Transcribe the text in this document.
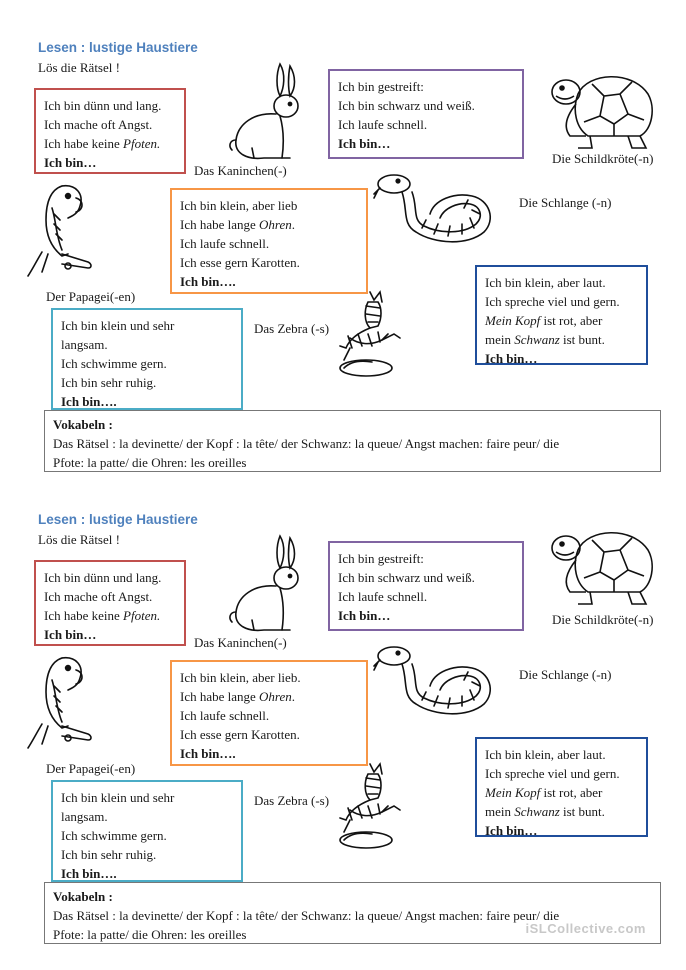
Lesen : lustige Haustiere
Lös die Rätsel !
Ich bin dünn und lang.
Ich mache oft Angst.
Ich habe keine Pfoten.
Ich bin…
Das Kaninchen(-)
Ich bin gestreift:
Ich bin schwarz und weiß.
Ich laufe schnell.
Ich bin…
Die Schildkröte(-n)
Der Papagei(-en)
Ich bin klein, aber lieb
Ich habe lange Ohren.
Ich laufe schnell.
Ich esse gern Karotten.
Ich bin….
Die Schlange (-n)
Ich bin klein, aber laut.
Ich spreche viel und gern.
Mein Kopf ist rot, aber
mein Schwanz ist bunt.
Ich bin…
Ich bin klein und sehr
langsam.
Ich schwimme gern.
Ich bin sehr ruhig.
Ich bin….
Das Zebra (-s)
Vokabeln :
Das Rätsel : la devinette/ der Kopf : la tête/ der Schwanz: la queue/ Angst machen: faire peur/ die
Pfote: la patte/ die Ohren: les oreilles
Lesen : lustige Haustiere
Lös die Rätsel !
Ich bin dünn und lang.
Ich mache oft Angst.
Ich habe keine Pfoten.
Ich bin…
Das Kaninchen(-)
Ich bin gestreift:
Ich bin schwarz und weiß.
Ich laufe schnell.
Ich bin…	Die Schildkröte(-n)
Der Papagei(-en)
Ich bin klein, aber lieb.
Ich habe lange Ohren.
Ich laufe schnell.
Ich esse gern Karotten.
Ich bin….
Die Schlange (-n)
Ich bin klein, aber laut.
Ich spreche viel und gern.
Mein Kopf ist rot, aber
mein Schwanz ist bunt.
Ich bin…
Ich bin klein und sehr
langsam.
Ich schwimme gern.
Ich bin sehr ruhig.
Ich bin….
Das Zebra (-s)
Vokabeln :
Das Rätsel : la devinette/ der Kopf : la tête/ der Schwanz: la queue/ Angst machen: faire peur/ die
Pfote: la patte/ die Ohren: les oreilles	iSLCollective.com
